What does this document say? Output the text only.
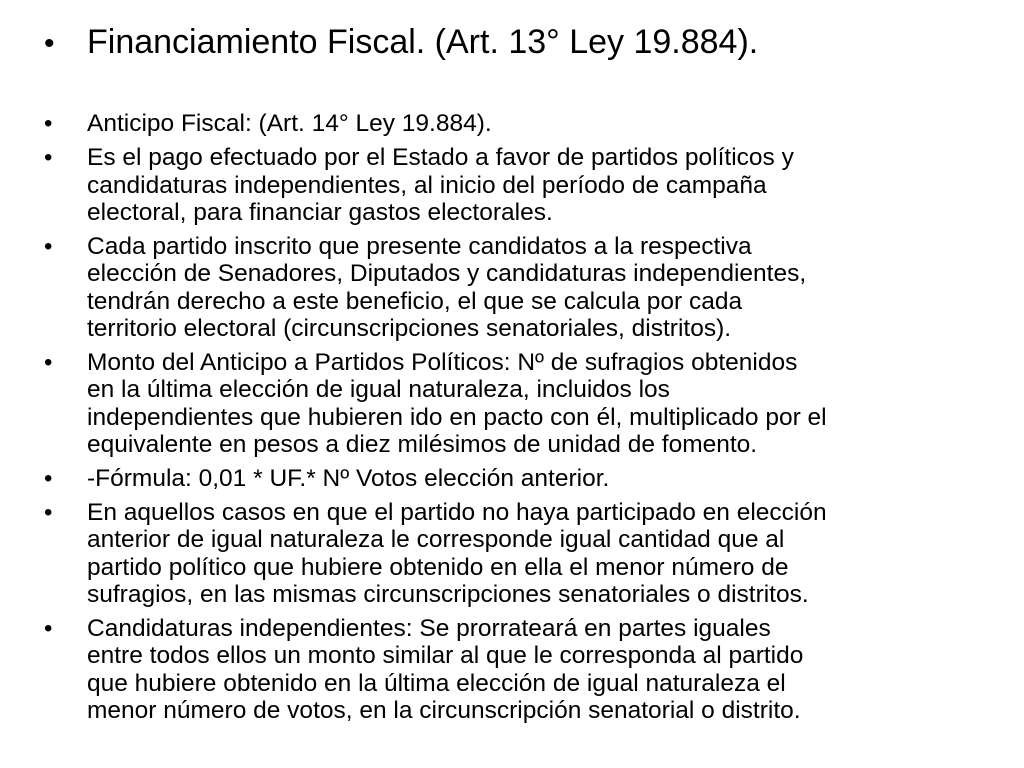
• Financiamiento Fiscal. (Art. 13° Ley 19.884).
•	Anticipo Fiscal: (Art. 14° Ley 19.884).
•	Es el pago efectuado por el Estado a favor de partidos políticos y
candidaturas independientes, al inicio del período de campaña
electoral, para financiar gastos electorales.
•	Cada partido inscrito que presente candidatos a la respectiva
elección de Senadores, Diputados y candidaturas independientes,
tendrán derecho a este beneficio, el que se calcula por cada
territorio electoral (circunscripciones senatoriales, distritos).
•	Monto del Anticipo a Partidos Políticos: Nº de sufragios obtenidos
en la última elección de igual naturaleza, incluidos los
independientes que hubieren ido en pacto con él, multiplicado por el
equivalente en pesos a diez milésimos de unidad de fomento.
•	-Fórmula: 0,01 * UF.* Nº Votos elección anterior.
•	En aquellos casos en que el partido no haya participado en elección
anterior de igual naturaleza le corresponde igual cantidad que al
partido político que hubiere obtenido en ella el menor número de
sufragios, en las mismas circunscripciones senatoriales o distritos.
•	Candidaturas independientes: Se prorrateará en partes iguales
entre todos ellos un monto similar al que le corresponda al partido
que hubiere obtenido en la última elección de igual naturaleza el
menor número de votos, en la circunscripción senatorial o distrito.
